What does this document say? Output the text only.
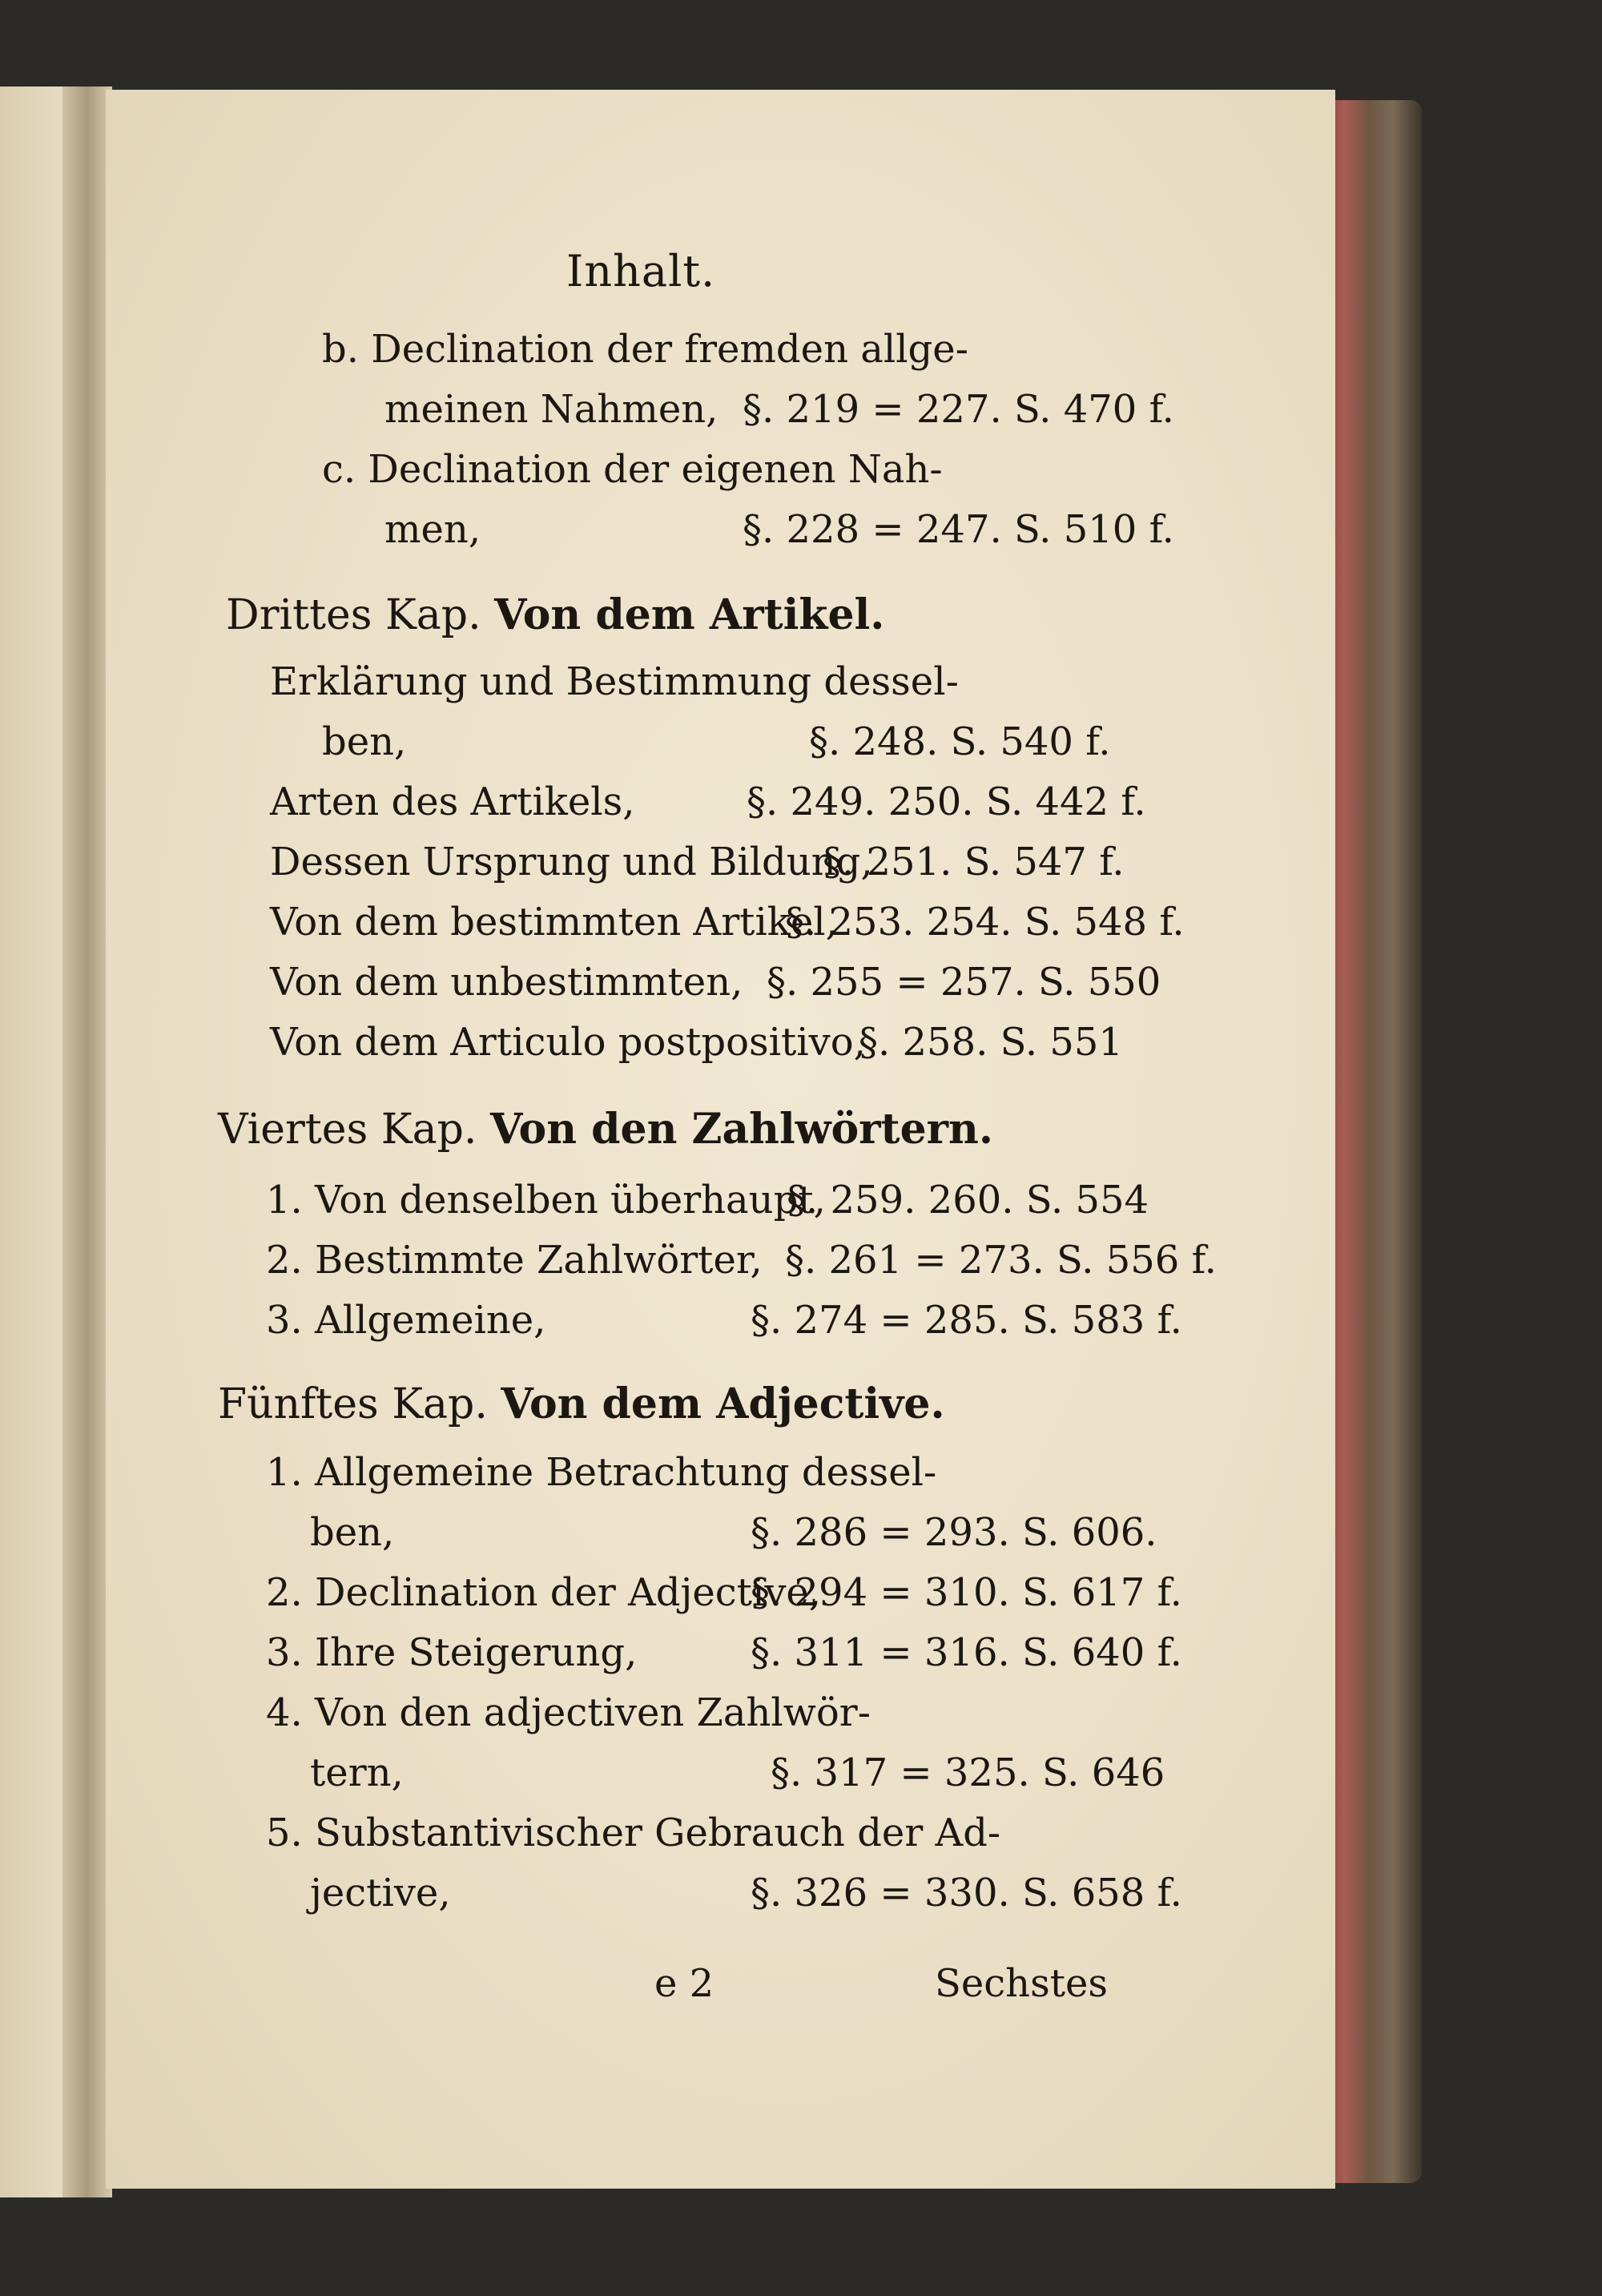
Inhalt.
b. Declination der fremden allge-
meinen Nahmen, §. 219 = 227. S. 470 f.
c. Declination der eigenen Nah-
men,	§. 228 = 247. S. 510 f.
Drittes Kap. Von dem Artikel.
Erklärung und Bestimmung dessel-
ben,	§. 248. S. 540 f.
Arten des Artikels,	§. 249. 250. S. 442 f.
Dessen Ursprung und Bildung,
§. 251. S. 547 f.
Von dem bestimmten Artikel,
§. 253. 254. S. 548 f.
Von dem unbestimmten, §. 255 = 257. S. 550
Von dem Articulo postpositivo,
§. 258. S. 551
Viertes Kap. Von den Zahlwörtern.
1. Von denselben überhaupt,
§. 259. 260. S. 554
2. Bestimmte Zahlwörter, §. 261 = 273. S. 556 f.
3. Allgemeine,	§. 274 = 285. S. 583 f.
Fünftes Kap. Von dem Adjective.
1. Allgemeine Betrachtung dessel-
ben,	§. 286 = 293. S. 606.
2. Declination der Adjective,
§. 294 = 310. S. 617 f.
3. Ihre Steigerung,	§. 311 = 316. S. 640 f.
4. Von den adjectiven Zahlwör-
tern,	§. 317 = 325. S. 646
5. Substantivischer Gebrauch der Ad-
jective,	§. 326 = 330. S. 658 f.
e 2	Sechstes
